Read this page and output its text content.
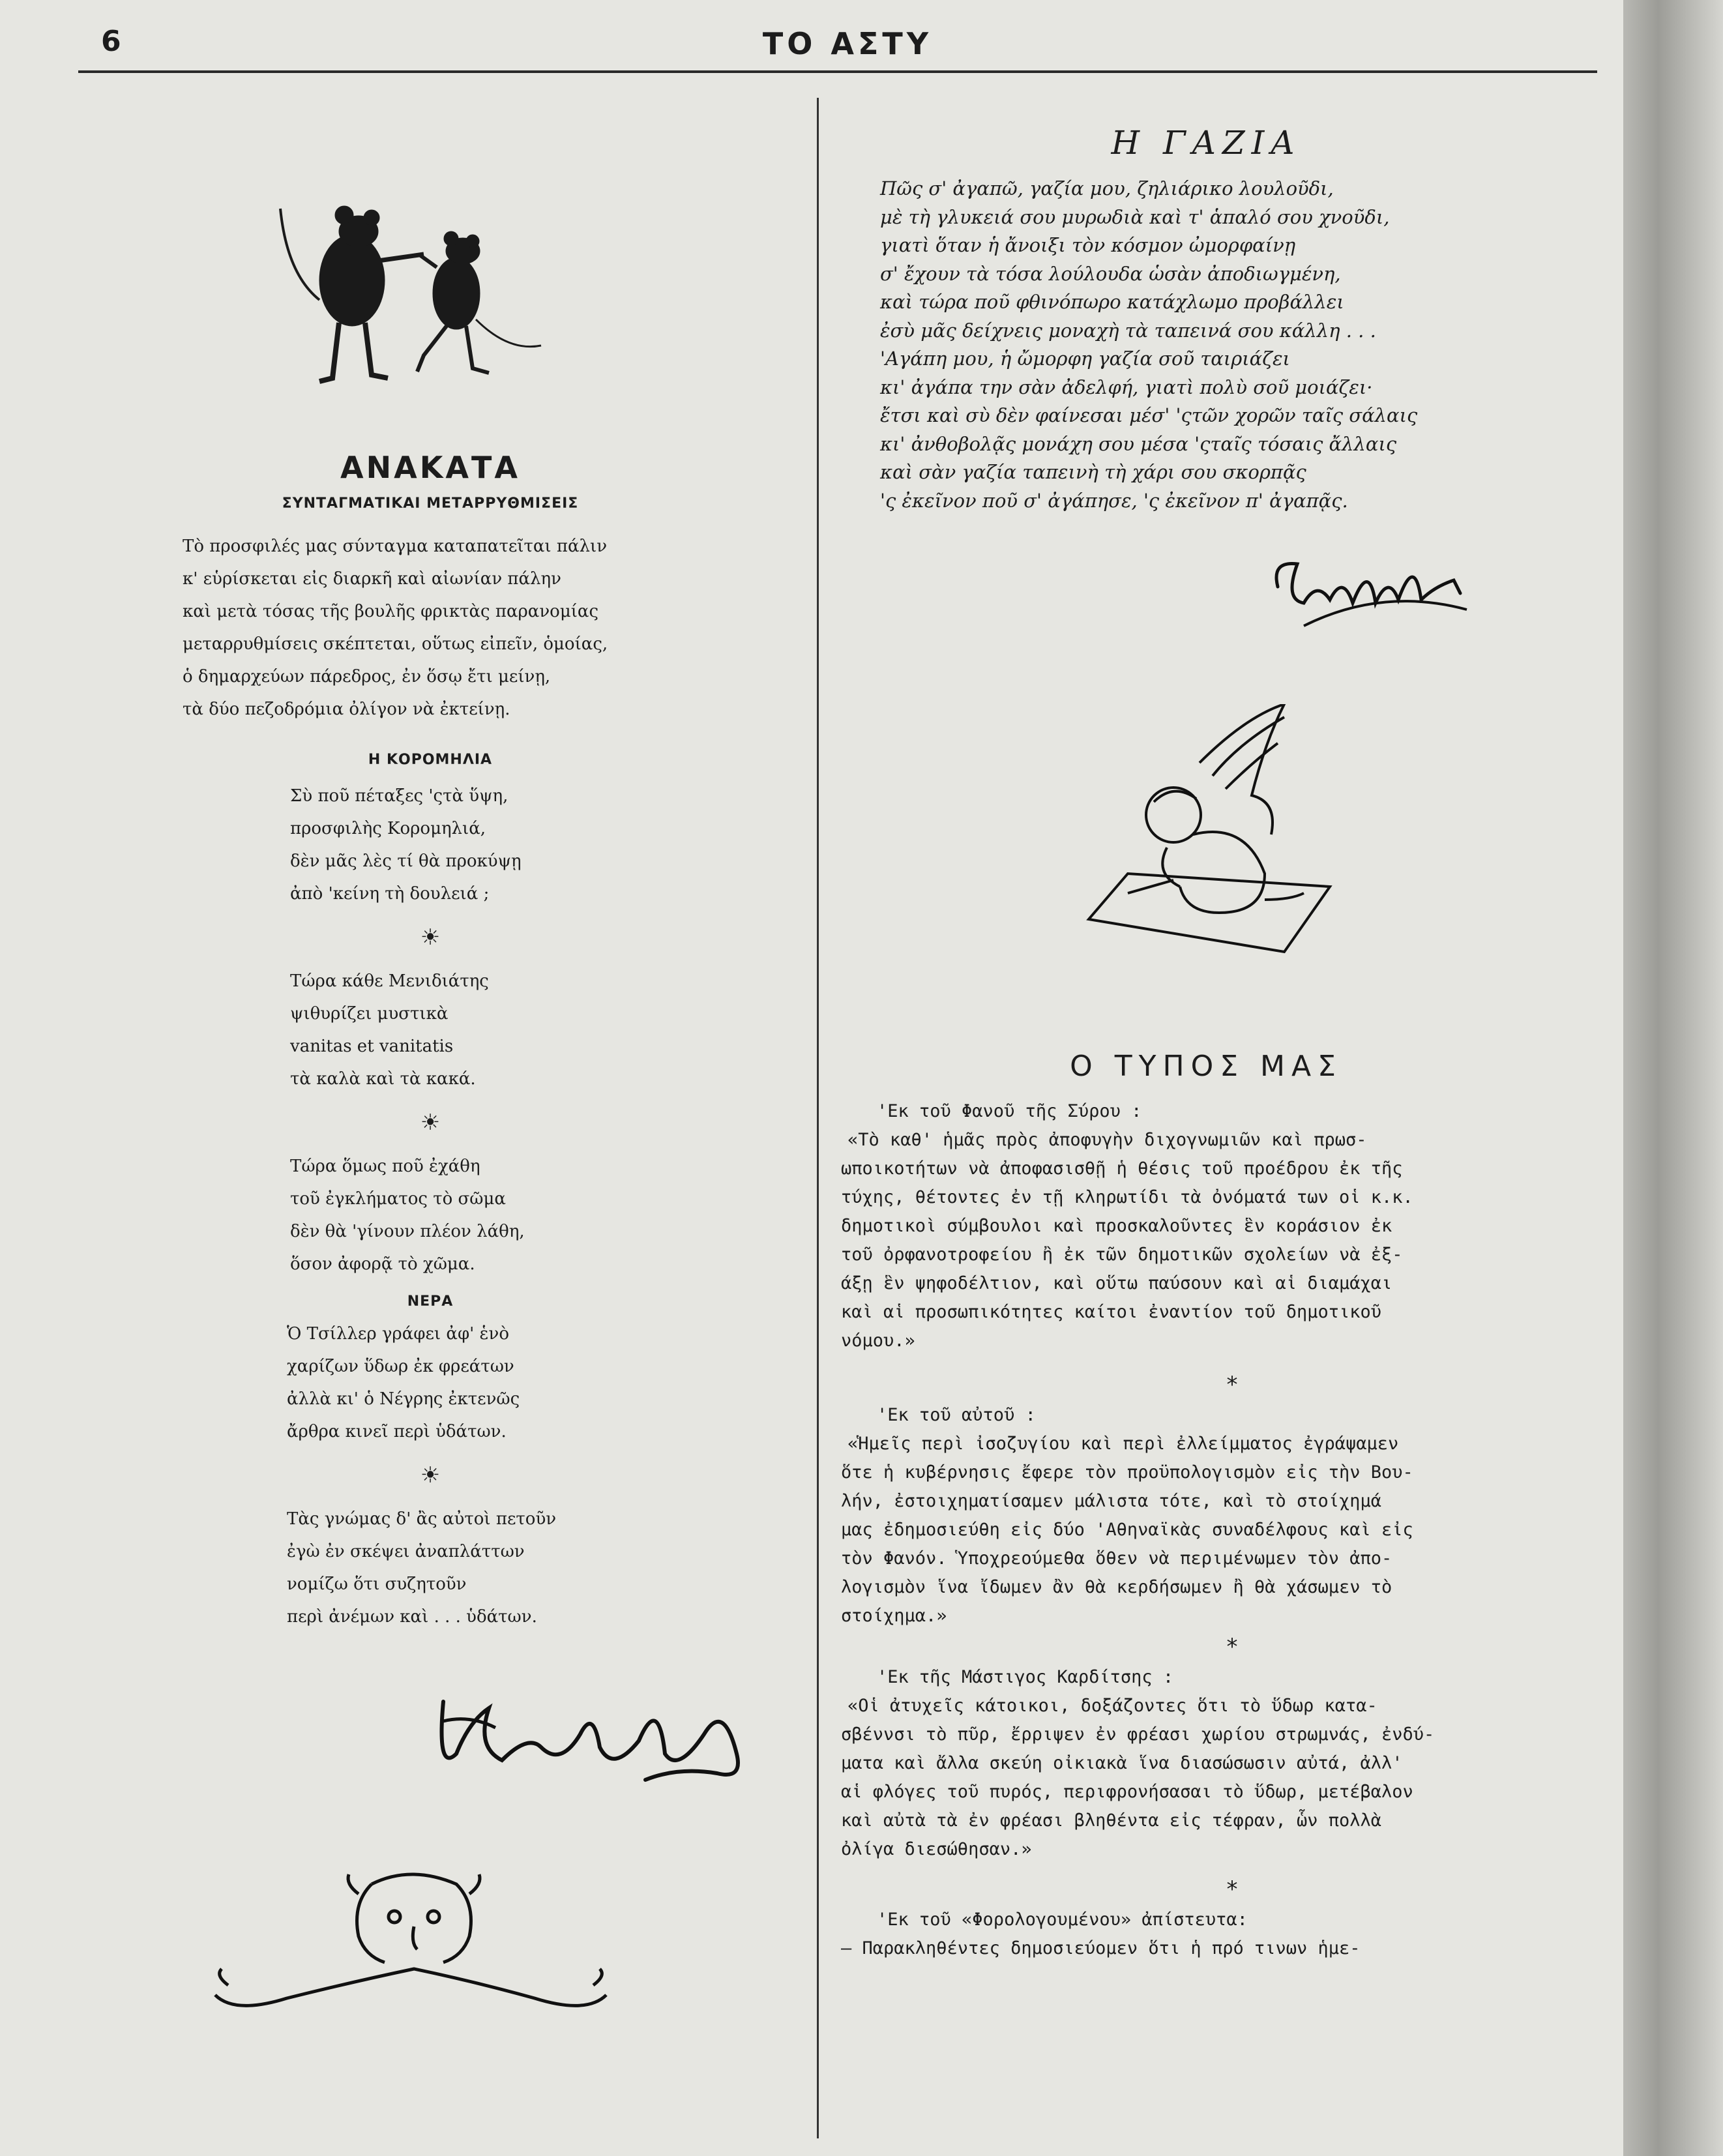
6	ΤΟ ΑΣΤΥ
ΑΝΑΚΑΤΑ
ΣΥΝΤΑΓΜΑΤΙΚΑΙ ΜΕΤΑΡΡΥΘΜΙΣΕΙΣ
Τὸ προσφιλές μας σύνταγμα καταπατεῖται πάλιν
κ' εὑρίσκεται εἰς διαρκῆ καὶ αἰωνίαν πάλην
καὶ μετὰ τόσας τῆς βουλῆς φρικτὰς παρανομίας
μεταρρυθμίσεις σκέπτεται, οὕτως εἰπεῖν, ὁμοίας,
ὁ δημαρχεύων πάρεδρος, ἐν ὅσῳ ἔτι μείνῃ,
τὰ δύο πεζοδρόμια ὀλίγον νὰ ἐκτείνῃ.
Η ΚΟΡΟΜΗΛΙΑ
Σὺ ποῦ πέταξες 'ςτὰ ὕψη,
προσφιλὴς Κορομηλιά,
δὲν μᾶς λὲς τί θὰ προκύψῃ
ἀπὸ 'κείνη τὴ δουλειά ;
☀
Τώρα κάθε Μενιδιάτης
ψιθυρίζει μυστικὰ
vanitas et vanitatis
τὰ καλὰ καὶ τὰ κακά.
☀
Τώρα ὅμως ποῦ ἐχάθη
τοῦ ἐγκλήματος τὸ σῶμα
δὲν θὰ 'γίνουν πλέον λάθη,
ὅσον ἀφορᾷ τὸ χῶμα.
ΝΕΡΑ
Ὁ Τσίλλερ γράφει ἀφ' ἑνὸ
χαρίζων ὕδωρ ἐκ φρεάτων
ἀλλὰ κι' ὁ Νέγρης ἐκτενῶς
ἄρθρα κινεῖ περὶ ὑδάτων.
☀
Τὰς γνώμας δ' ἂς αὐτοὶ πετοῦν
ἐγὼ ἐν σκέψει ἀναπλάττων
νομίζω ὅτι συζητοῦν
περὶ ἀνέμων καὶ . . . ὑδάτων.
Η ΓΑΖΙΑ
Πῶς σ' ἀγαπῶ, γαζία μου, ζηλιάρικο λουλοῦδι,
μὲ τὴ γλυκειά σου μυρωδιὰ καὶ τ' ἁπαλό σου χνοῦδι,
γιατὶ ὅταν ἡ ἄνοιξι τὸν κόσμον ὠμορφαίνῃ
σ' ἔχουν τὰ τόσα λούλουδα ὡσὰν ἀποδιωγμένη,
καὶ τώρα ποῦ φθινόπωρο κατάχλωμο προβάλλει
ἐσὺ μᾶς δείχνεις μοναχὴ τὰ ταπεινά σου κάλλη . . .
'Αγάπη μου, ἡ ὤμορφη γαζία σοῦ ταιριάζει
κι' ἀγάπα την σὰν ἀδελφή, γιατὶ πολὺ σοῦ μοιάζει·
ἔτσι καὶ σὺ δὲν φαίνεσαι μέσ' 'ςτῶν χορῶν ταῖς σάλαις
κι' ἀνθοβολᾷς μονάχη σου μέσα 'ςταῖς τόσαις ἄλλαις
καὶ σὰν γαζία ταπεινὴ τὴ χάρι σου σκορπᾷς
'ς ἐκεῖνον ποῦ σ' ἀγάπησε, 'ς ἐκεῖνον π' ἀγαπᾷς.
Ο ΤΥΠΟΣ ΜΑΣ
'Εκ τοῦ Φανοῦ τῆς Σύρου :
«Τὸ καθ' ἡμᾶς πρὸς ἀποφυγὴν διχογνωμιῶν καὶ πρωσ-
ωποικοτήτων νὰ ἀποφασισθῇ ἡ θέσις τοῦ προέδρου ἐκ τῆς
τύχης, θέτοντες ἐν τῇ κληρωτίδι τὰ ὀνόματά των οἱ κ.κ.
δημοτικοὶ σύμβουλοι καὶ προσκαλοῦντες ἓν κοράσιον ἐκ
τοῦ ὀρφανοτροφείου ἢ ἐκ τῶν δημοτικῶν σχολείων νὰ ἐξ-
άξῃ ἓν ψηφοδέλτιον, καὶ οὕτω παύσουν καὶ αἱ διαμάχαι
καὶ αἱ προσωπικότητες καίτοι ἐναντίον τοῦ δημοτικοῦ
νόμου.»
*
'Εκ τοῦ αὐτοῦ :
«Ἡμεῖς περὶ ἰσοζυγίου καὶ περὶ ἐλλείμματος ἐγράψαμεν
ὅτε ἡ κυβέρνησις ἔφερε τὸν προϋπολογισμὸν εἰς τὴν Βου-
λήν, ἐστοιχηματίσαμεν μάλιστα τότε, καὶ τὸ στοίχημά
μας ἐδημοσιεύθη εἰς δύο 'Αθηναϊκὰς συναδέλφους καὶ εἰς
τὸν Φανόν. Ὑποχρεούμεθα ὅθεν νὰ περιμένωμεν τὸν ἀπο-
λογισμὸν ἵνα ἴδωμεν ἂν θὰ κερδήσωμεν ἢ θὰ χάσωμεν τὸ
στοίχημα.»
*
'Εκ τῆς Μάστιγος Καρδίτσης :
«Οἱ ἀτυχεῖς κάτοικοι, δοξάζοντες ὅτι τὸ ὕδωρ κατα-
σβέννσι τὸ πῦρ, ἔρριψεν ἐν φρέασι χωρίου στρωμνάς, ἐνδύ-
ματα καὶ ἄλλα σκεύη οἰκιακὰ ἵνα διασώσωσιν αὐτά, ἀλλ'
αἱ φλόγες τοῦ πυρός, περιφρονήσασαι τὸ ὕδωρ, μετέβαλον
καὶ αὐτὰ τὰ ἐν φρέασι βληθέντα εἰς τέφραν, ὧν πολλὰ
ὀλίγα διεσώθησαν.»
*
'Εκ τοῦ «Φορολογουμένου» ἀπίστευτα:
— Παρακληθέντες δημοσιεύομεν ὅτι ἡ πρό τινων ἡμε-
